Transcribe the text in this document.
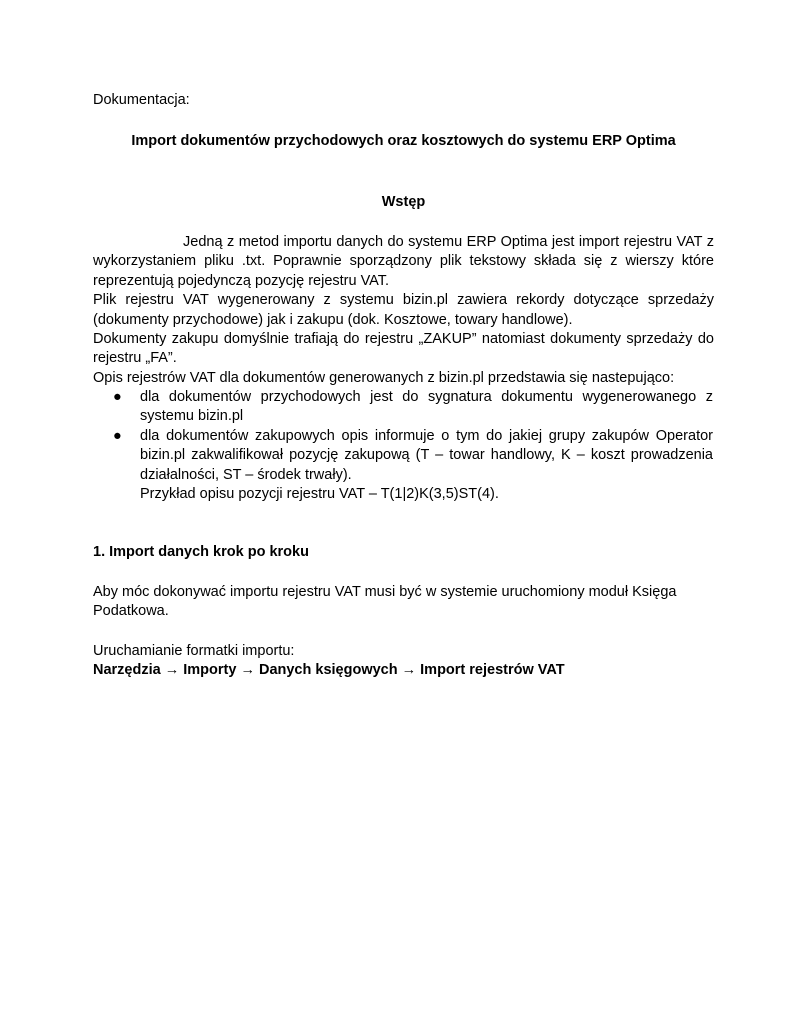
Dokumentacja:
Import dokumentów przychodowych oraz kosztowych do systemu ERP Optima
Wstęp

Jedną z metod importu danych do systemu ERP Optima jest import rejestru VAT z wykorzystaniem pliku .txt. Poprawnie sporządzony plik tekstowy składa się z wierszy które reprezentują pojedynczą pozycję rejestru VAT.

Plik rejestru VAT wygenerowany z systemu bizin.pl zawiera rekordy dotyczące sprzedaży (dokumenty przychodowe) jak i zakupu (dok. Kosztowe, towary handlowe).

Dokumenty zakupu domyślnie trafiają do rejestru „ZAKUP” natomiast dokumenty sprzedaży do rejestru „FA”.

Opis rejestrów VAT dla dokumentów generowanych z bizin.pl przedstawia się nastepująco:

● dla dokumentów przychodowych jest do sygnatura dokumentu wygenerowanego z systemu bizin.pl
● dla dokumentów zakupowych opis informuje o tym do jakiej grupy zakupów Operator bizin.pl zakwalifikował pozycję zakupową (T – towar handlowy, K – koszt prowadzenia działalności, ST – środek trwały).
Przykład opisu pozycji rejestru VAT – T(1|2)K(3,5)ST(4).
1. Import danych krok po kroku
Aby móc dokonywać importu rejestru VAT musi być w systemie uruchomiony moduł Księga Podatkowa.
Uruchamianie formatki importu:
Narzędzia → Importy → Danych księgowych → Import rejestrów VAT
